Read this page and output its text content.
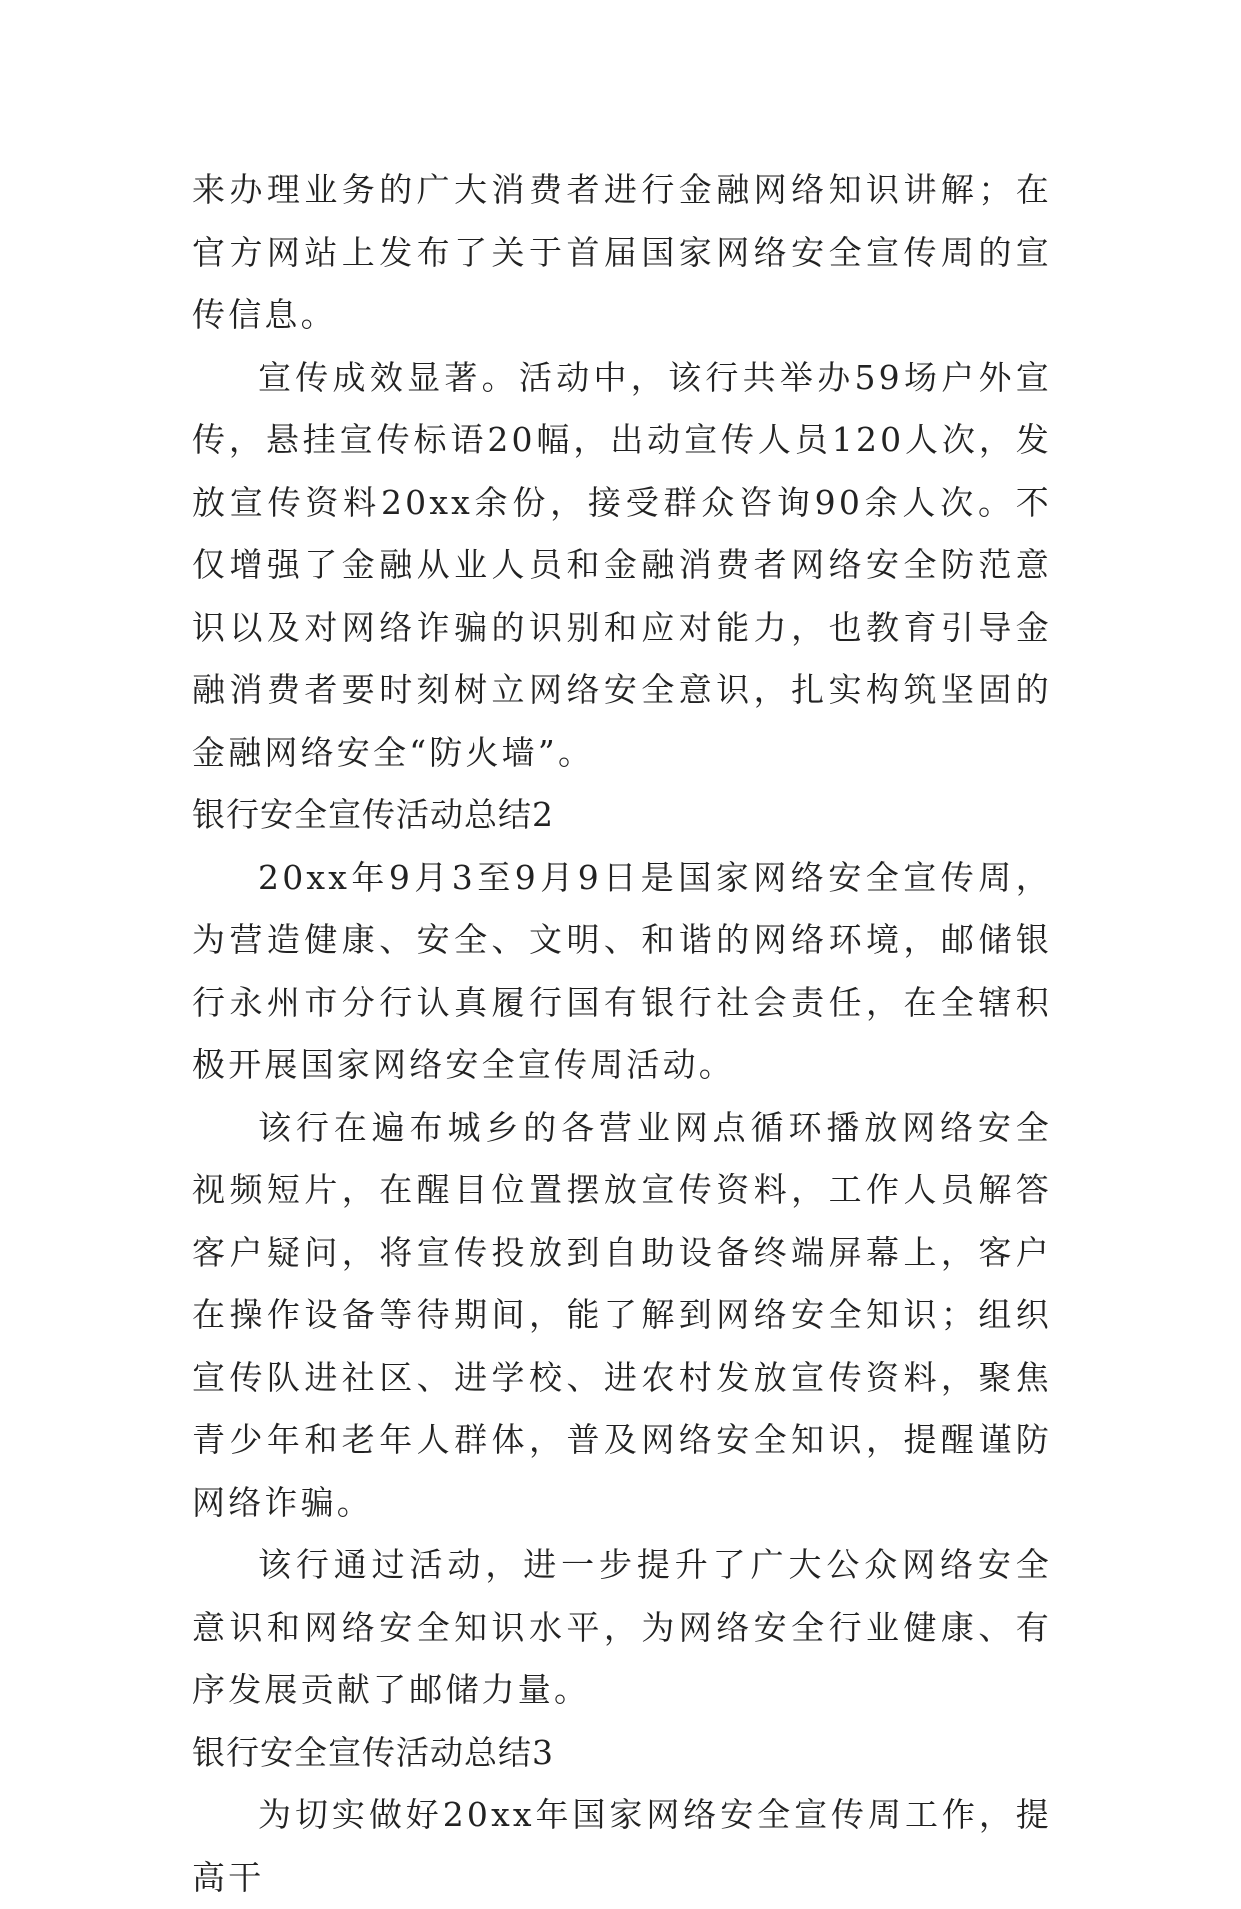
来办理业务的广大消费者进行金融网络知识讲解；在官方网站上发布了关于首届国家网络安全宣传周的宣传信息。

宣传成效显著。活动中，该行共举办59场户外宣传，悬挂宣传标语20幅，出动宣传人员120人次，发放宣传资料20xx余份，接受群众咨询90余人次。不仅增强了金融从业人员和金融消费者网络安全防范意识以及对网络诈骗的识别和应对能力，也教育引导金融消费者要时刻树立网络安全意识，扎实构筑坚固的金融网络安全“防火墙”。

银行安全宣传活动总结2

20xx年9月3至9月9日是国家网络安全宣传周，为营造健康、安全、文明、和谐的网络环境，邮储银行永州市分行认真履行国有银行社会责任，在全辖积极开展国家网络安全宣传周活动。

该行在遍布城乡的各营业网点循环播放网络安全视频短片，在醒目位置摆放宣传资料，工作人员解答客户疑问，将宣传投放到自助设备终端屏幕上，客户在操作设备等待期间，能了解到网络安全知识；组织宣传队进社区、进学校、进农村发放宣传资料，聚焦青少年和老年人群体，普及网络安全知识，提醒谨防网络诈骗。

该行通过活动，进一步提升了广大公众网络安全意识和网络安全知识水平，为网络安全行业健康、有序发展贡献了邮储力量。

银行安全宣传活动总结3

为切实做好20xx年国家网络安全宣传周工作，提高干
